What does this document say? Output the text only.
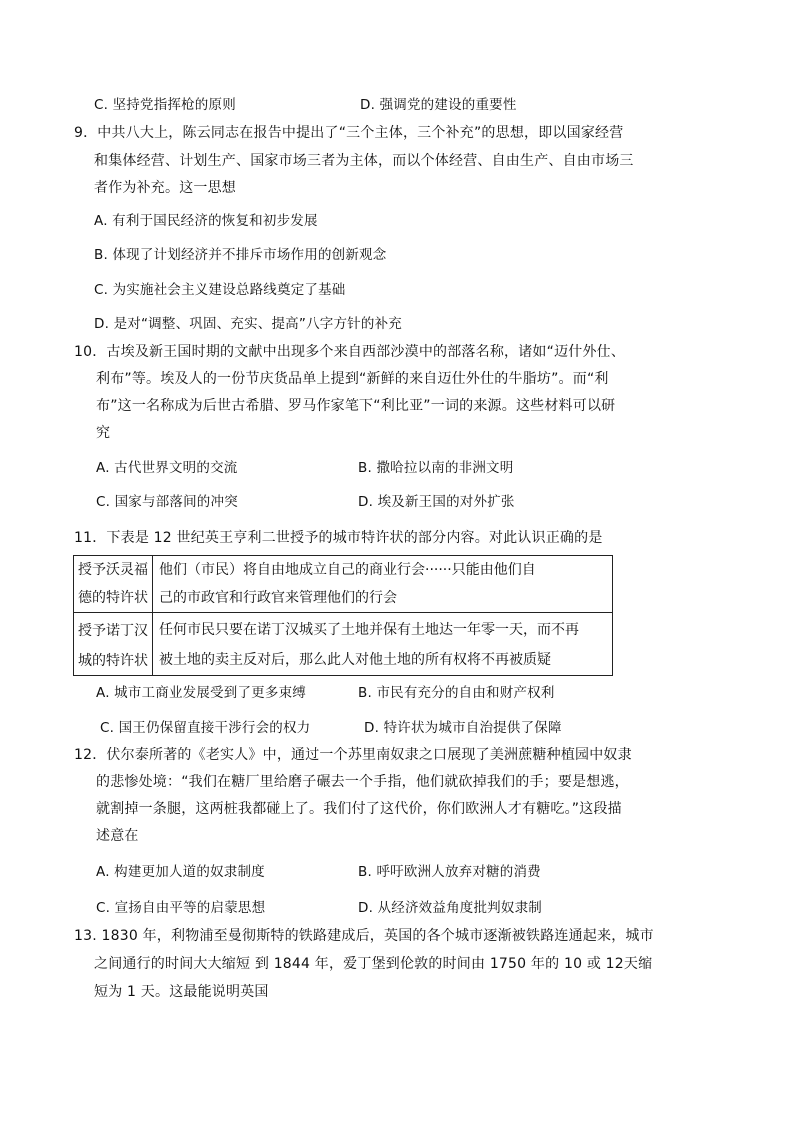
C. 坚持党指挥枪的原则	D. 强调党的建设的重要性
9．中共八大上，陈云同志在报告中提出了“三个主体，三个补充”的思想，即以国家经营
和集体经营、计划生产、国家市场三者为主体，而以个体经营、自由生产、自由市场三
者作为补充。这一思想
A. 有利于国民经济的恢复和初步发展
B. 体现了计划经济并不排斥市场作用的创新观念
C. 为实施社会主义建设总路线奠定了基础
D. 是对“调整、巩固、充实、提高”八字方针的补充
10．古埃及新王国时期的文献中出现多个来自西部沙漠中的部落名称，诸如“迈什外仕、
利布”等。埃及人的一份节庆货品单上提到“新鲜的来自迈仕外仕的牛脂坊”。而“利
布”这一名称成为后世古希腊、罗马作家笔下“利比亚”一词的来源。这些材料可以研
究
A. 古代世界文明的交流	B. 撒哈拉以南的非洲文明
C. 国家与部落间的冲突	D. 埃及新王国的对外扩张
11．下表是 12 世纪英王亨利二世授予的城市特许状的部分内容。对此认识正确的是
授予沃灵福
德的特许状	他们（市民）将自由地成立自己的商业行会······只能由他们自
己的市政官和行政官来管理他们的行会

授予诺丁汉
城的特许状	任何市民只要在诺丁汉城买了土地并保有土地达一年零一天，而不再
被土地的卖主反对后，那么此人对他土地的所有权将不再被质疑
A. 城市工商业发展受到了更多束缚	B. 市民有充分的自由和财产权利
C. 国王仍保留直接干涉行会的权力	D. 特许状为城市自治提供了保障
12．伏尔泰所著的《老实人》中，通过一个苏里南奴隶之口展现了美洲蔗糖种植园中奴隶
的悲惨处境：“我们在糖厂里给磨子碾去一个手指，他们就砍掉我们的手；要是想逃，
就割掉一条腿，这两桩我都碰上了。我们付了这代价，你们欧洲人才有糖吃。”这段描
述意在
A. 构建更加人道的奴隶制度	B. 呼吁欧洲人放弃对糖的消费
C. 宣扬自由平等的启蒙思想	D. 从经济效益角度批判奴隶制
13. 1830 年，利物浦至曼彻斯特的铁路建成后，英国的各个城市逐渐被铁路连通起来，城市
之间通行的时间大大缩短 到 1844 年，爱丁堡到伦敦的时间由 1750 年的 10 或 12天缩
短为 1 天。这最能说明英国
